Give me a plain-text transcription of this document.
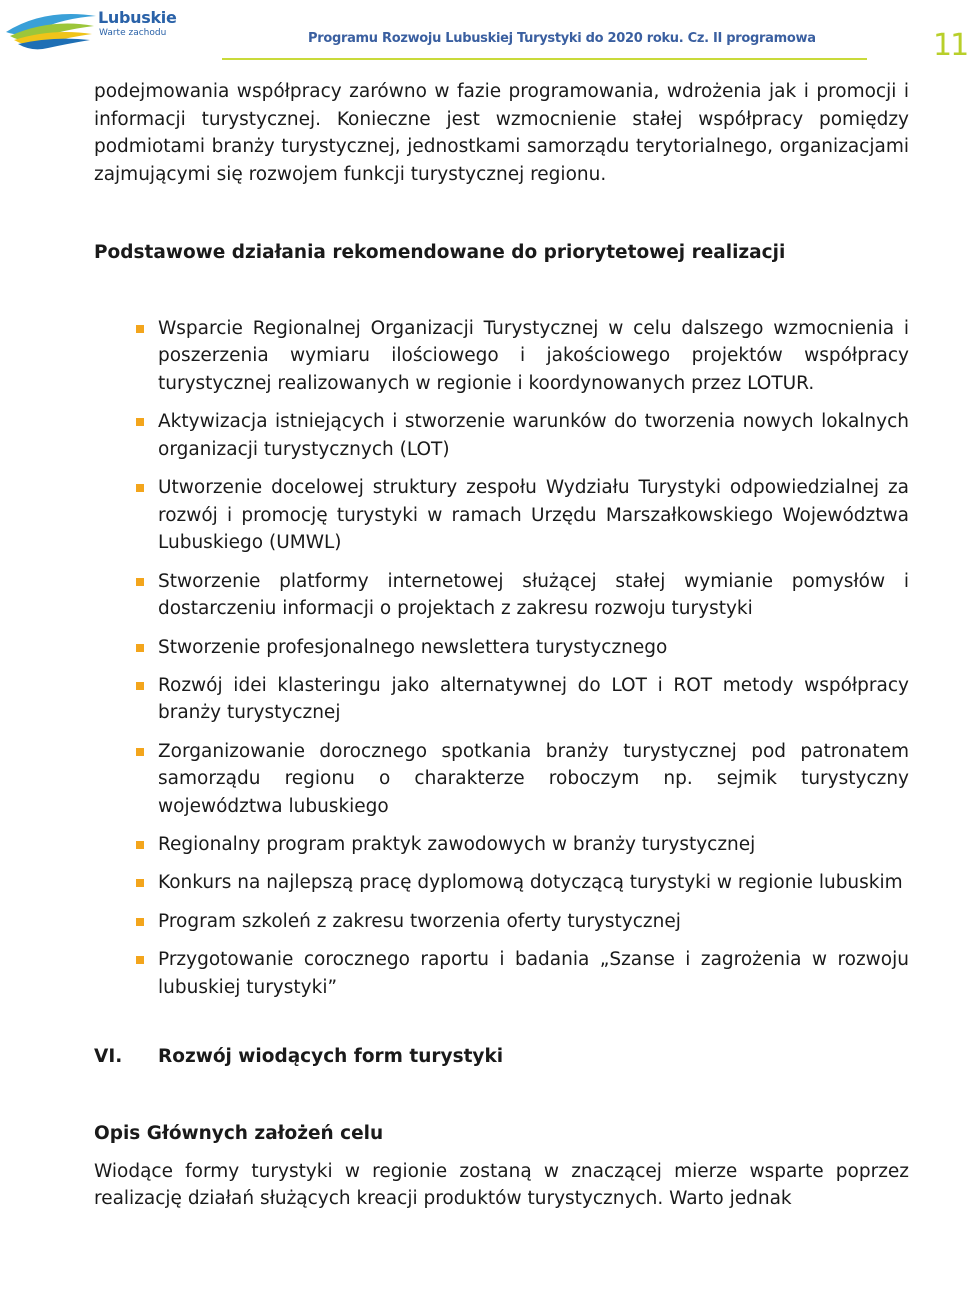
Lubuskie
Warte zachodu	Programu Rozwoju Lubuskiej Turystyki do 2020 roku. Cz. II programowa	11

podejmowania współpracy zarówno w fazie programowania, wdrożenia jak i promocji i informacji turystycznej. Konieczne jest wzmocnienie stałej współpracy pomiędzy podmiotami branży turystycznej, jednostkami samorządu terytorialnego, organizacjami zajmującymi się rozwojem funkcji turystycznej regionu.

Podstawowe działania rekomendowane do priorytetowej realizacji
Wsparcie Regionalnej Organizacji Turystycznej w celu dalszego wzmocnienia i poszerzenia wymiaru ilościowego i jakościowego projektów współpracy turystycznej realizowanych w regionie i koordynowanych przez LOTUR.
Aktywizacja istniejących i stworzenie warunków do tworzenia nowych lokalnych organizacji turystycznych (LOT)
Utworzenie docelowej struktury zespołu Wydziału Turystyki odpowiedzialnej za rozwój i promocję turystyki w ramach Urzędu Marszałkowskiego Województwa Lubuskiego (UMWL)
Stworzenie platformy internetowej służącej stałej wymianie pomysłów i dostarczeniu informacji o projektach z zakresu rozwoju turystyki
Stworzenie profesjonalnego newslettera turystycznego
Rozwój idei klasteringu jako alternatywnej do LOT i ROT metody współpracy branży turystycznej
Zorganizowanie dorocznego spotkania branży turystycznej pod patronatem samorządu regionu o charakterze roboczym np. sejmik turystyczny województwa lubuskiego
Regionalny program praktyk zawodowych w branży turystycznej
Konkurs na najlepszą pracę dyplomową dotyczącą turystyki w regionie lubuskim
Program szkoleń z zakresu tworzenia oferty turystycznej
Przygotowanie corocznego raportu i badania „Szanse i zagrożenia w rozwoju lubuskiej turystyki”
VI.	Rozwój wiodących form turystyki
Opis Głównych założeń celu

Wiodące formy turystyki w regionie zostaną w znaczącej mierze wsparte poprzez realizację działań służących kreacji produktów turystycznych. Warto jednak
